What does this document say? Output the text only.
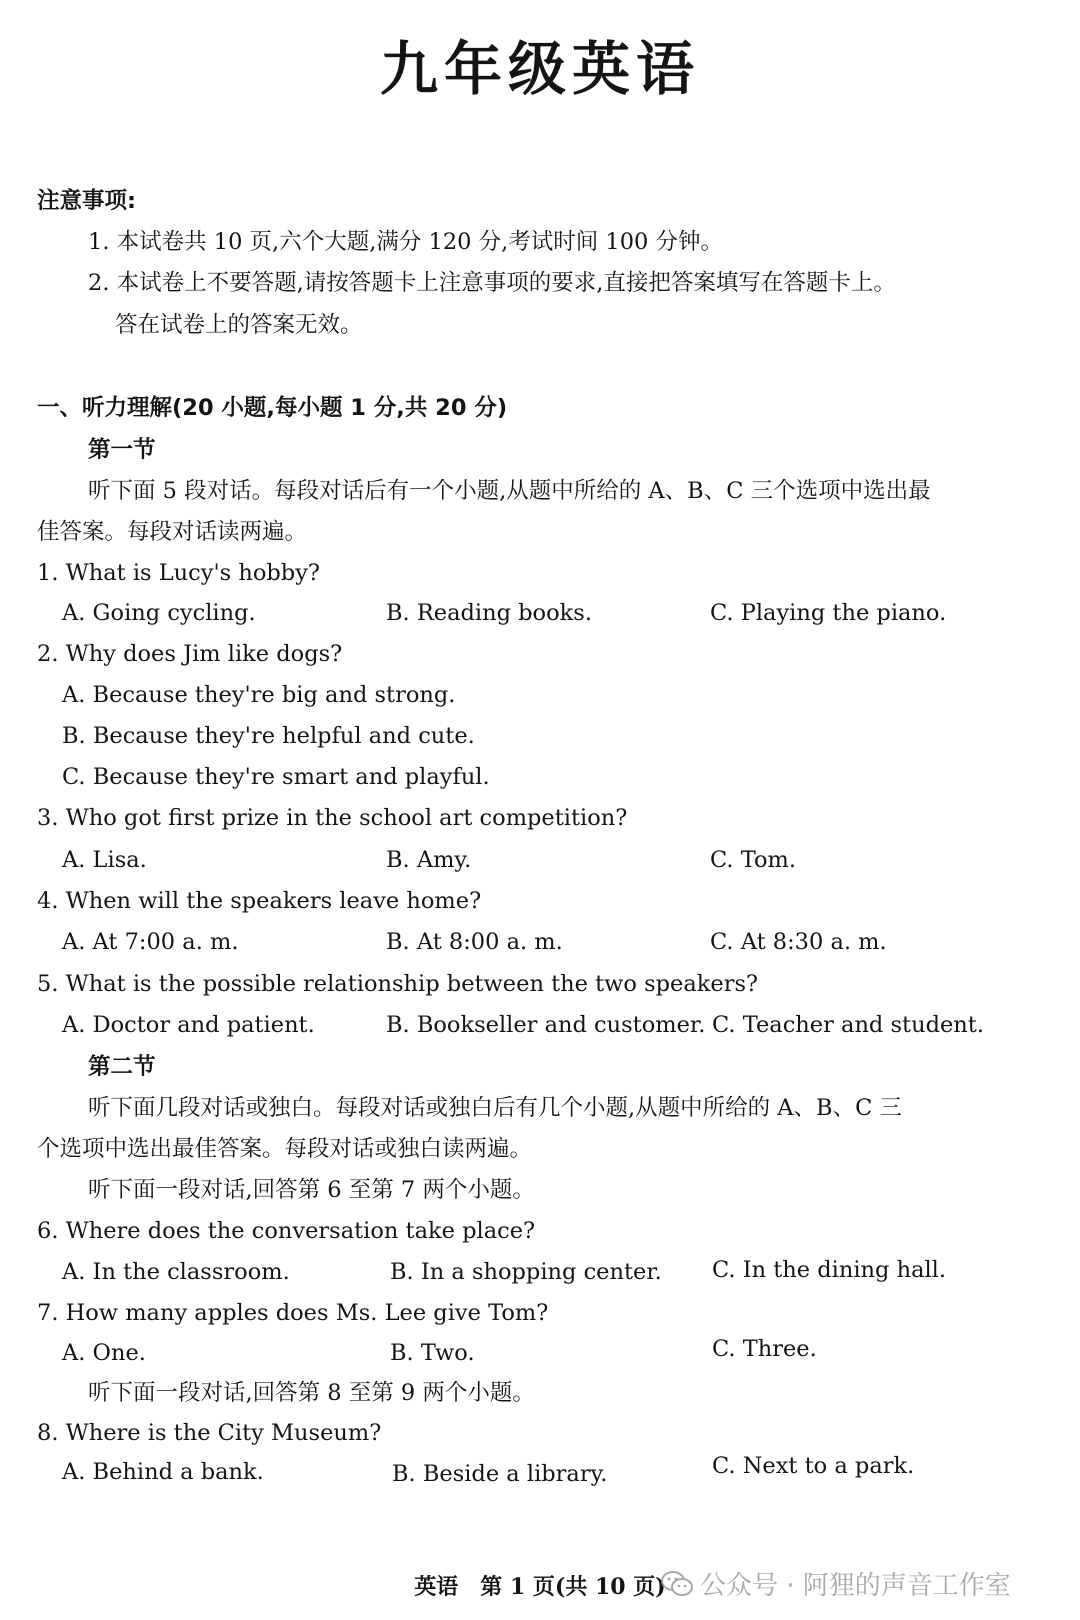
九年级英语
注意事项:
1. 本试卷共 10 页,六个大题,满分 120 分,考试时间 100 分钟。
2. 本试卷上不要答题,请按答题卡上注意事项的要求,直接把答案填写在答题卡上。
答在试卷上的答案无效。
一、听力理解(20 小题,每小题 1 分,共 20 分)
第一节
听下面 5 段对话。每段对话后有一个小题,从题中所给的 A、B、C 三个选项中选出最
佳答案。每段对话读两遍。
1. What is Lucy's hobby?
A. Going cycling.	B. Reading books.	C. Playing the piano.
2. Why does Jim like dogs?
A. Because they're big and strong.
B. Because they're helpful and cute.
C. Because they're smart and playful.
3. Who got first prize in the school art competition?
A. Lisa.	B. Amy.	C. Tom.
4. When will the speakers leave home?
A. At 7:00 a. m.	B. At 8:00 a. m.	C. At 8:30 a. m.
5. What is the possible relationship between the two speakers?
A. Doctor and patient.	B. Bookseller and customer. C. Teacher and student.
第二节
听下面几段对话或独白。每段对话或独白后有几个小题,从题中所给的 A、B、C 三
个选项中选出最佳答案。每段对话或独白读两遍。
听下面一段对话,回答第 6 至第 7 两个小题。
6. Where does the conversation take place?
A. In the classroom.	B. In a shopping center. C. In the dining hall.
7. How many apples does Ms. Lee give Tom?
A. One.	B. Two.	C. Three.
听下面一段对话,回答第 8 至第 9 两个小题。
8. Where is the City Museum?
A. Behind a bank.	B. Beside a library.	C. Next to a park.
英语　第 1 页(共 10 页)	公众号 · 阿狸的声音工作室
